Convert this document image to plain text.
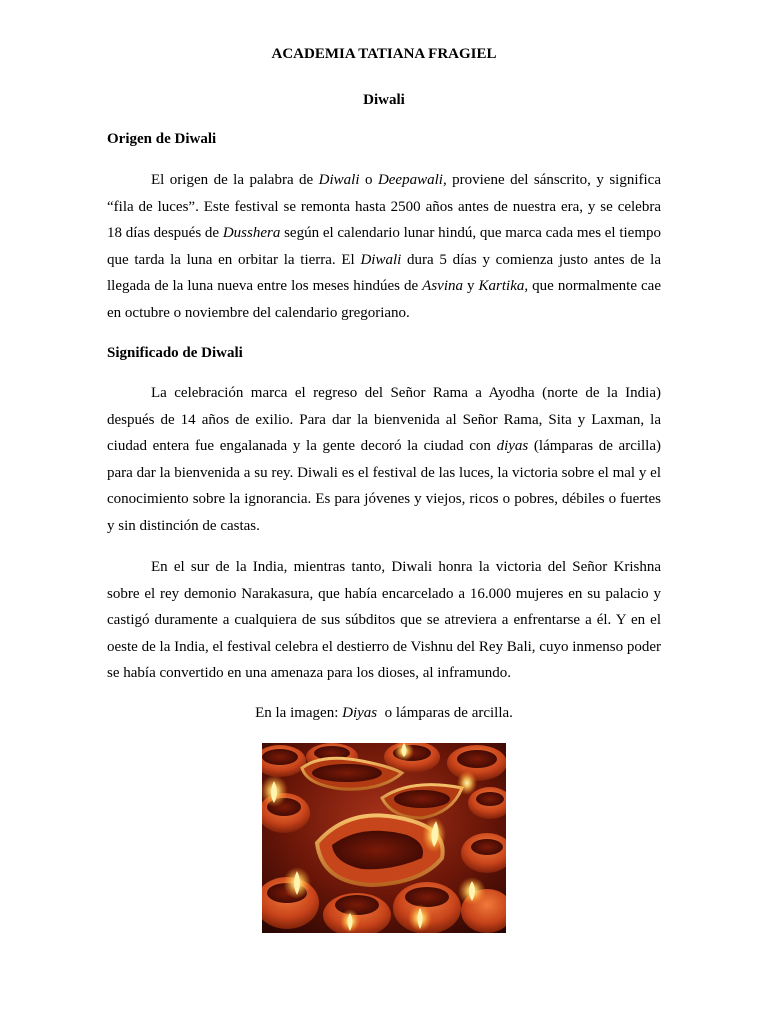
ACADEMIA TATIANA FRAGIEL
Diwali
Origen de Diwali

El origen de la palabra de Diwali o Deepawali, proviene del sánscrito, y significa “fila de luces”. Este festival se remonta hasta 2500 años antes de nuestra era, y se celebra 18 días después de Dusshera según el calendario lunar hindú, que marca cada mes el tiempo que tarda la luna en orbitar la tierra. El Diwali dura 5 días y comienza justo antes de la llegada de la luna nueva entre los meses hindúes de Asvina y Kartika, que normalmente cae en octubre o noviembre del calendario gregoriano.

Significado de Diwali

La celebración marca el regreso del Señor Rama a Ayodha (norte de la India) después de 14 años de exilio. Para dar la bienvenida al Señor Rama, Sita y Laxman, la ciudad entera fue engalanada y la gente decoró la ciudad con diyas (lámparas de arcilla) para dar la bienvenida a su rey. Diwali es el festival de las luces, la victoria sobre el mal y el conocimiento sobre la ignorancia. Es para jóvenes y viejos, ricos o pobres, débiles o fuertes y sin distinción de castas.

En el sur de la India, mientras tanto, Diwali honra la victoria del Señor Krishna sobre el rey demonio Narakasura, que había encarcelado a 16.000 mujeres en su palacio y castigó duramente a cualquiera de sus súbditos que se atreviera a enfrentarse a él. Y en el oeste de la India, el festival celebra el destierro de Vishnu del Rey Bali, cuyo inmenso poder se había convertido en una amenaza para los dioses, al inframundo.

En la imagen: Diyas  o lámparas de arcilla.
